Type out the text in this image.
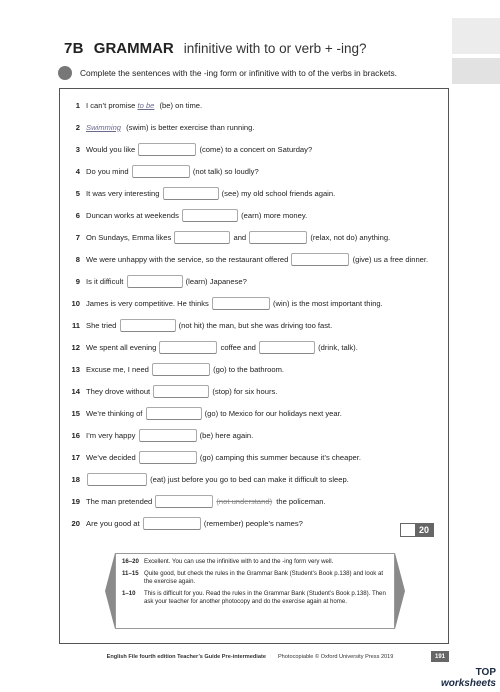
7B GRAMMAR infinitive with to or verb + -ing?
Complete the sentences with the -ing form or infinitive with to of the verbs in brackets.
1 I can’t promise to be (be) on time.
2 Swimming (swim) is better exercise than running.
3 Would you like	(come) to a concert on Saturday?
4 Do you mind	(not talk) so loudly?
5 It was very interesting	(see) my old school friends again.
6 Duncan works at weekends	(earn) more money.
7 On Sundays, Emma likes	and	(relax, not do) anything.
8 We were unhappy with the service, so the restaurant offered	(give) us a free dinner.
9 Is it difficult	(learn) Japanese?
10 James is very competitive. He thinks	(win) is the most important thing.
11 She tried	(not hit) the man, but she was driving too fast.
12 We spent all evening	coffee and	(drink, talk).
13 Excuse me, I need	(go) to the bathroom.
14 They drove without	(stop) for six hours.
15 We’re thinking of	(go) to Mexico for our holidays next year.
16 I’m very happy	(be) here again.
17 We’ve decided	(go) camping this summer because it’s cheaper.
18	(eat) just before you go to bed can make it difficult to sleep.
19 The man pretended	(not understand) the policeman.
20 Are you good at	(remember) people’s names?
20
16–20 Excellent. You can use the infinitive with to and the -ing form very well.
11–15 Quite good, but check the rules in the Grammar Bank (Student’s Book p.138) and look at the exercise again.
1–10	This is difficult for you. Read the rules in the Grammar Bank (Student’s Book p.138). Then ask your teacher for another photocopy and do the exercise again at home.
English File fourth edition Teacher’s Guide Pre-intermediate Photocopiable © Oxford University Press 2019	191
TOP
worksheets
